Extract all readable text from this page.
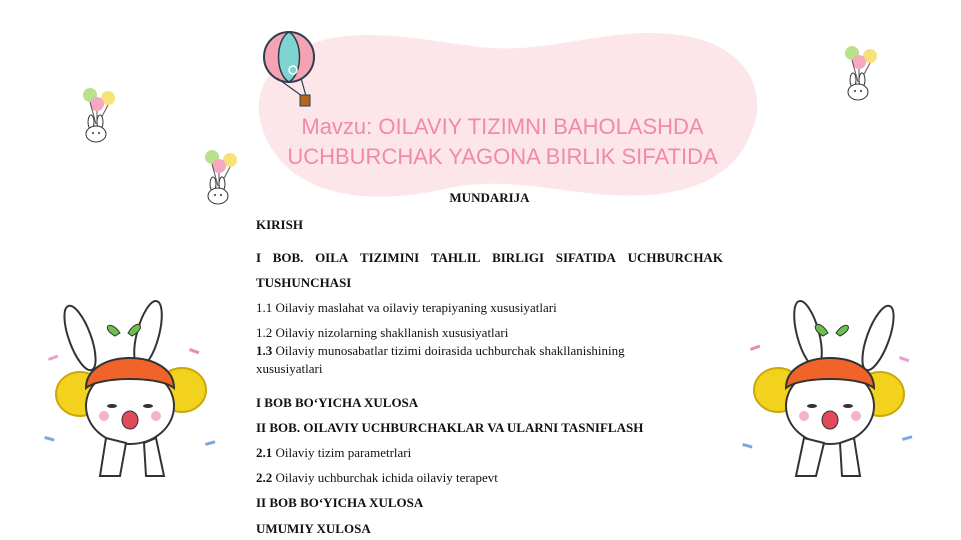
Mavzu: OILAVIY TIZIMNI BAHOLASHDA
UCHBURCHAK YAGONA BIRLIK SIFATIDA
MUNDARIJA
KIRISH
I BOB. OILA TIZIMINI TAHLIL BIRLIGI SIFATIDA UCHBURCHAK
TUSHUNCHASI
1.1 Oilaviy maslahat va oilaviy terapiyaning xususiyatlari
1.2 Oilaviy nizolarning shakllanish xususiyatlari
1.3 Oilaviy munosabatlar tizimi doirasida uchburchak shakllanishining
xususiyatlari
I BOB BO‘YICHA XULOSA
II BOB. OILAVIY UCHBURCHAKLAR VA ULARNI TASNIFLASH
2.1 Oilaviy tizim parametrlari
2.2 Oilaviy uchburchak ichida oilaviy terapevt
II BOB BO‘YICHA XULOSA
UMUMIY XULOSA
